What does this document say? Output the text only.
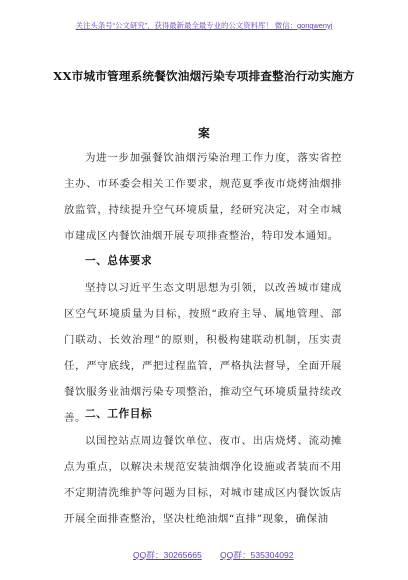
关注头条号“公文研究”，获得最新最全最专业的公文资料库！ 微信：gongwenyj
XX市城市管理系统餐饮油烟污染专项排查整治行动实施方
案

为进一步加强餐饮油烟污染治理工作力度，落实省控主办、市环委会相关工作要求，规范夏季夜市烧烤油烟排放监管，持续提升空气环境质量，经研究决定，对全市城市建成区内餐饮油烟开展专项排查整治，特印发本通知。

一、总体要求

坚持以习近平生态文明思想为引领，以改善城市建成区空气环境质量为目标，按照“政府主导、属地管理、部门联动、长效治理”的原则，积极构建联动机制，压实责任，严守底线，严把过程监管，严格执法督导，全面开展餐饮服务业油烟污染专项整治，推动空气环境质量持续改善。 二、工作目标

以国控站点周边餐饮单位、夜市、出店烧烤、流动摊点为重点，以解决未规范安装油烟净化设施或者装而不用不定期清洗维护等问题为目标，对城市建成区内餐饮饭店开展全面排查整治，坚决杜绝油烟“直排”现象，确保油

QQ群：30265665 QQ群：535304092
